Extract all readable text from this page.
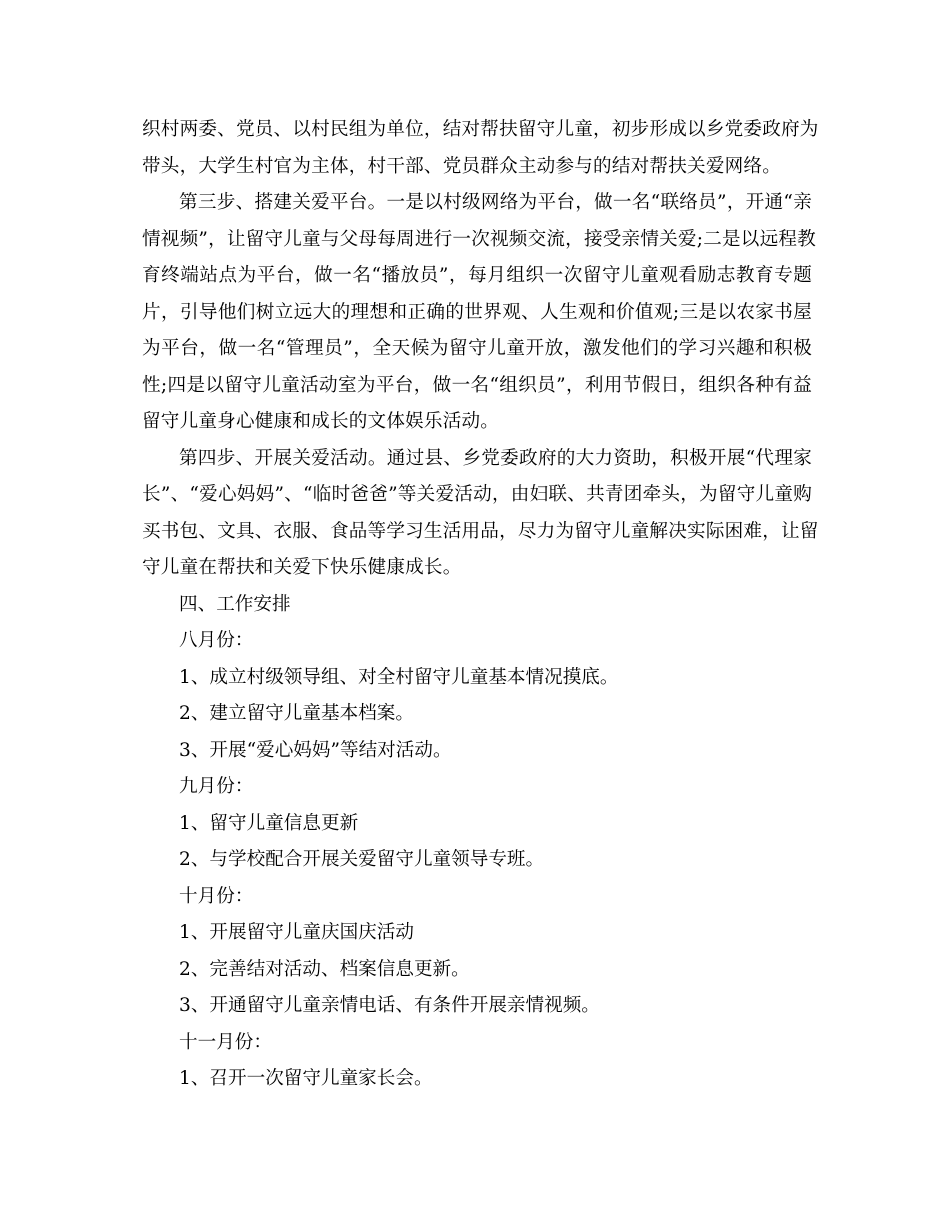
织村两委、党员、以村民组为单位，结对帮扶留守儿童，初步形成以乡党委政府为
带头，大学生村官为主体，村干部、党员群众主动参与的结对帮扶关爱网络。

第三步、搭建关爱平台。一是以村级网络为平台，做一名“联络员”，开通“亲
情视频”，让留守儿童与父母每周进行一次视频交流，接受亲情关爱;二是以远程教
育终端站点为平台，做一名“播放员”，每月组织一次留守儿童观看励志教育专题
片，引导他们树立远大的理想和正确的世界观、人生观和价值观;三是以农家书屋
为平台，做一名“管理员”，全天候为留守儿童开放，激发他们的学习兴趣和积极
性;四是以留守儿童活动室为平台，做一名“组织员”，利用节假日，组织各种有益
留守儿童身心健康和成长的文体娱乐活动。

第四步、开展关爱活动。通过县、乡党委政府的大力资助，积极开展“代理家
长”、“爱心妈妈”、“临时爸爸”等关爱活动，由妇联、共青团牵头，为留守儿童购
买书包、文具、衣服、食品等学习生活用品，尽力为留守儿童解决实际困难，让留
守儿童在帮扶和关爱下快乐健康成长。

四、工作安排

八月份：

1、成立村级领导组、对全村留守儿童基本情况摸底。

2、建立留守儿童基本档案。

3、开展“爱心妈妈”等结对活动。

九月份：

1、留守儿童信息更新

2、与学校配合开展关爱留守儿童领导专班。

十月份：

1、开展留守儿童庆国庆活动

2、完善结对活动、档案信息更新。

3、开通留守儿童亲情电话、有条件开展亲情视频。

十一月份：

1、召开一次留守儿童家长会。
